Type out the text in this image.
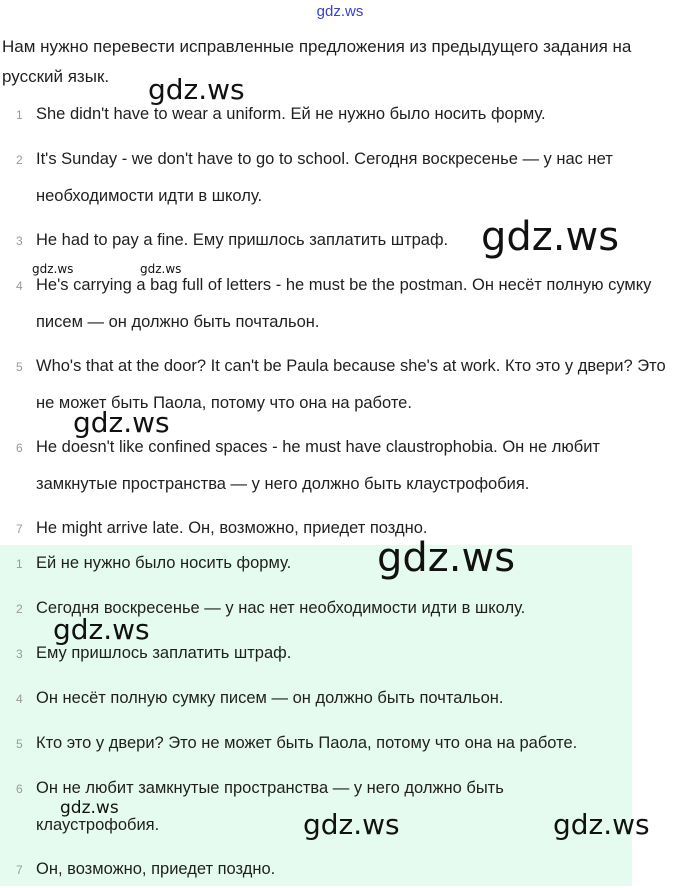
gdz.ws
Нам нужно перевести исправленные предложения из предыдущего задания на русский язык.
1 She didn't have to wear a uniform. Ей не нужно было носить форму.
2 It's Sunday - we don't have to go to school. Сегодня воскресенье — у нас нет необходимости идти в школу.
3 He had to pay a fine. Ему пришлось заплатить штраф.
4 He's carrying a bag full of letters - he must be the postman. Он несёт полную сумку писем — он должно быть почтальон.
5 Who's that at the door? It can't be Paula because she's at work. Кто это у двери? Это не может быть Паола, потому что она на работе.
6 He doesn't like confined spaces - he must have claustrophobia. Он не любит замкнутые пространства — у него должно быть клаустрофобия.
7 He might arrive late. Он, возможно, приедет поздно.
1 Ей не нужно было носить форму.
2 Сегодня воскресенье — у нас нет необходимости идти в школу.
3 Ему пришлось заплатить штраф.
4 Он несёт полную сумку писем — он должно быть почтальон.
5 Кто это у двери? Это не может быть Паола, потому что она на работе.
6 Он не любит замкнутые пространства — у него должно быть клаустрофобия.
7 Он, возможно, приедет поздно.
gdz.ws
gdz.ws
gdz.ws	gdz.ws
gdz.ws
gdz.ws
gdz.ws
gdz.ws	gdz.ws	gdz.ws
